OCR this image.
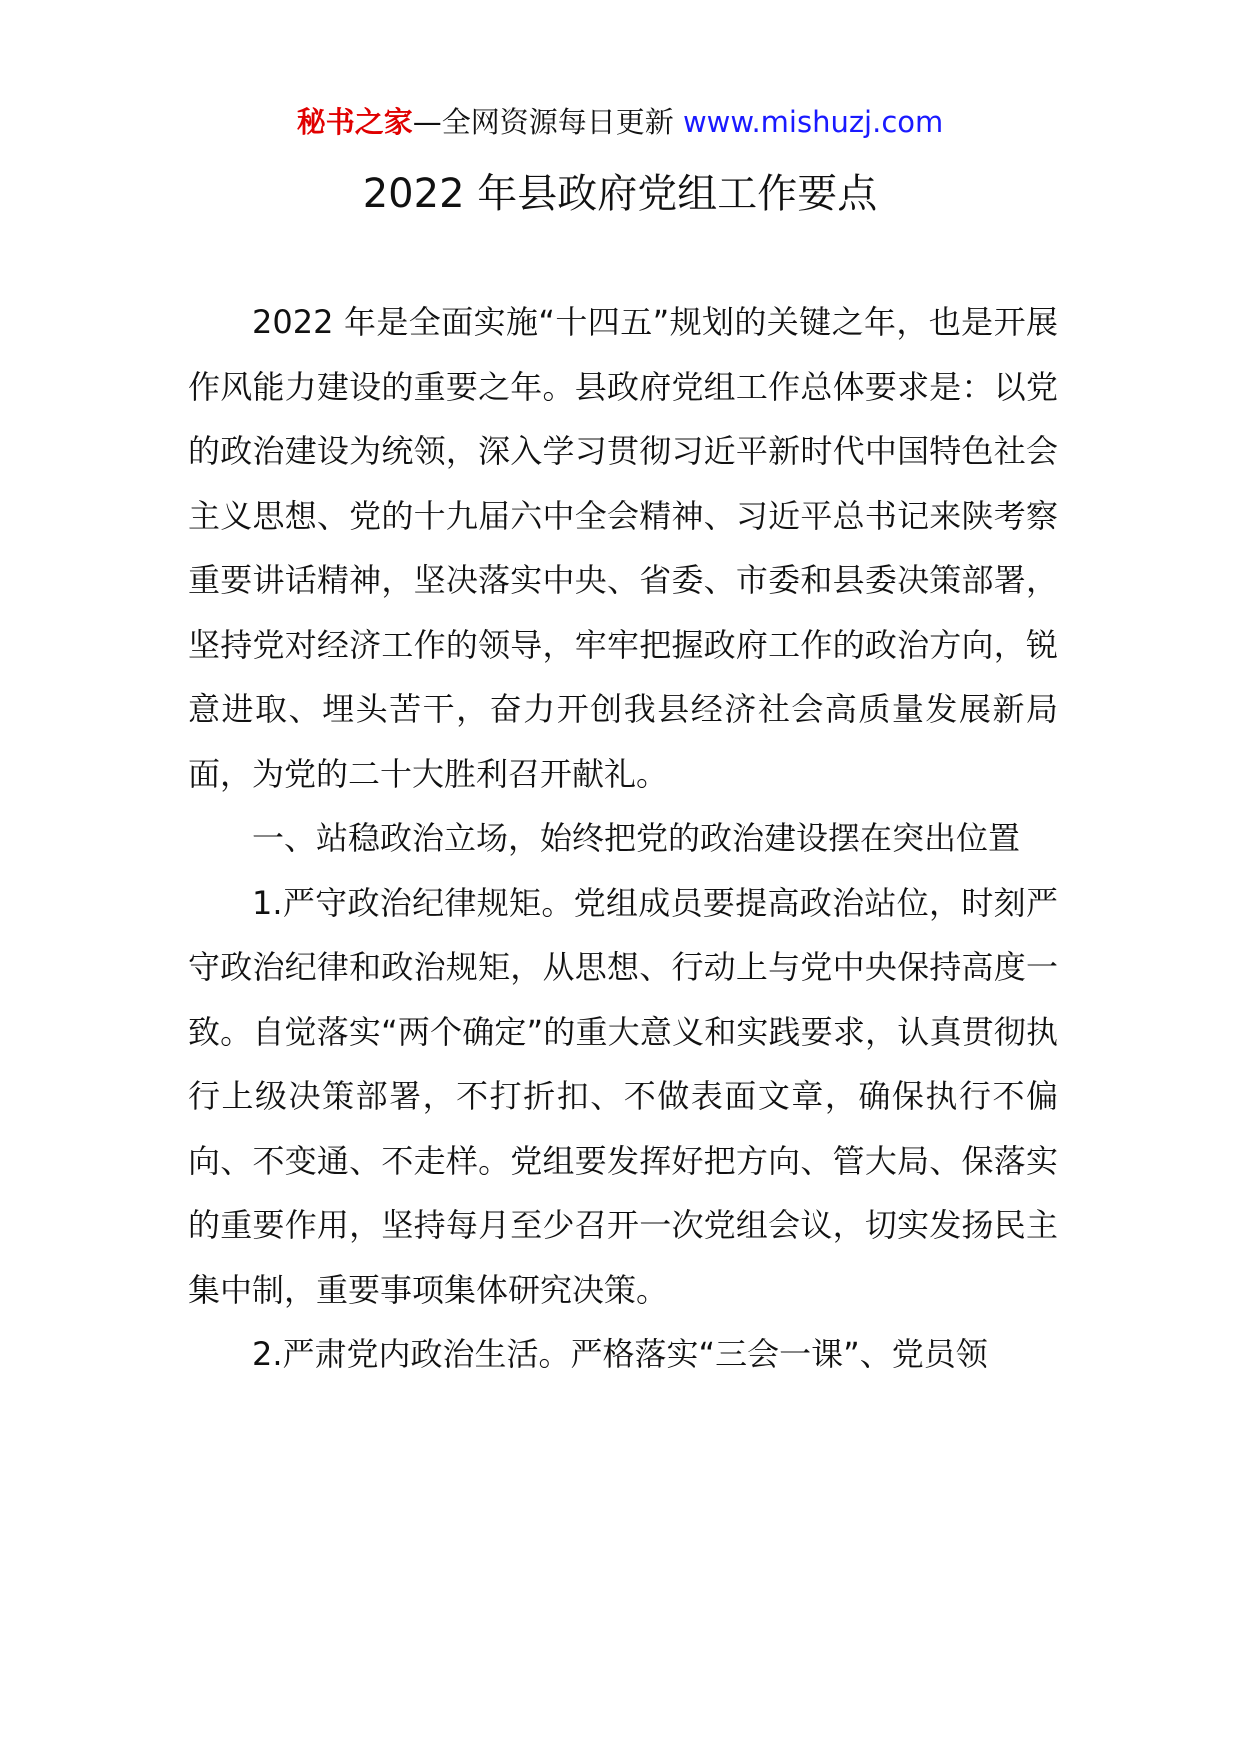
秘书之家—全网资源每日更新 www.mishuzj.com
2022 年县政府党组工作要点

2022 年是全面实施“十四五”规划的关键之年，也是开展作风能力建设的重要之年。县政府党组工作总体要求是：以党的政治建设为统领，深入学习贯彻习近平新时代中国特色社会主义思想、党的十九届六中全会精神、习近平总书记来陕考察重要讲话精神，坚决落实中央、省委、市委和县委决策部署，坚持党对经济工作的领导，牢牢把握政府工作的政治方向，锐意进取、埋头苦干，奋力开创我县经济社会高质量发展新局面，为党的二十大胜利召开献礼。

一、站稳政治立场，始终把党的政治建设摆在突出位置

1.严守政治纪律规矩。党组成员要提高政治站位，时刻严守政治纪律和政治规矩，从思想、行动上与党中央保持高度一致。自觉落实“两个确定”的重大意义和实践要求，认真贯彻执行上级决策部署，不打折扣、不做表面文章，确保执行不偏向、不变通、不走样。党组要发挥好把方向、管大局、保落实的重要作用，坚持每月至少召开一次党组会议，切实发扬民主集中制，重要事项集体研究决策。

2.严肃党内政治生活。严格落实“三会一课”、党员领
